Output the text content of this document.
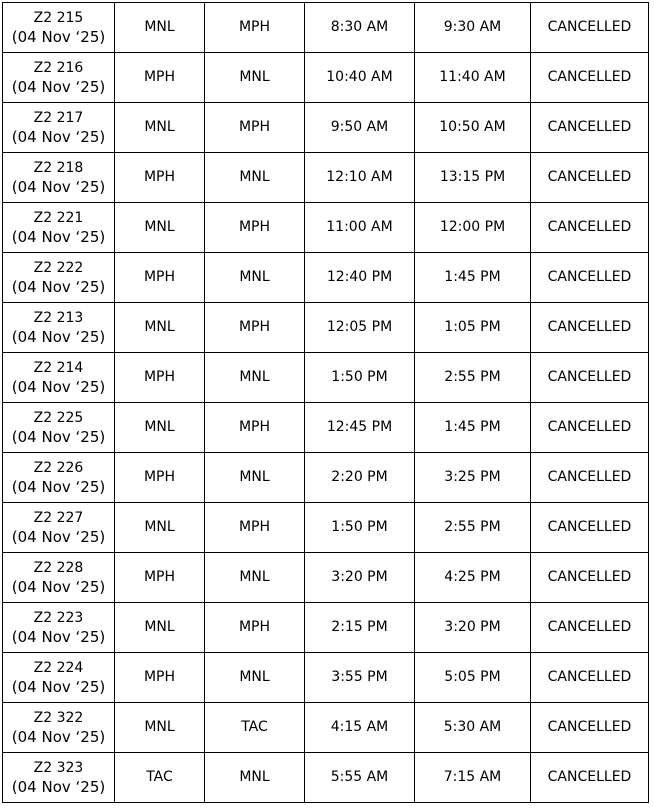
Z2 215
(04 Nov ‘25)	MNL	MPH	8:30 AM	9:30 AM	CANCELLED

Z2 216
(04 Nov ‘25)	MPH	MNL	10:40 AM	11:40 AM	CANCELLED

Z2 217
(04 Nov ‘25)	MNL	MPH	9:50 AM	10:50 AM	CANCELLED

Z2 218
(04 Nov ‘25)	MPH	MNL	12:10 AM	13:15 PM	CANCELLED

Z2 221
(04 Nov ‘25)	MNL	MPH	11:00 AM	12:00 PM	CANCELLED

Z2 222
(04 Nov ‘25)	MPH	MNL	12:40 PM	1:45 PM	CANCELLED

Z2 213
(04 Nov ‘25)	MNL	MPH	12:05 PM	1:05 PM	CANCELLED

Z2 214
(04 Nov ‘25)	MPH	MNL	1:50 PM	2:55 PM	CANCELLED

Z2 225
(04 Nov ‘25)	MNL	MPH	12:45 PM	1:45 PM	CANCELLED

Z2 226
(04 Nov ‘25)	MPH	MNL	2:20 PM	3:25 PM	CANCELLED

Z2 227
(04 Nov ‘25)	MNL	MPH	1:50 PM	2:55 PM	CANCELLED

Z2 228
(04 Nov ‘25)	MPH	MNL	3:20 PM	4:25 PM	CANCELLED

Z2 223
(04 Nov ‘25)	MNL	MPH	2:15 PM	3:20 PM	CANCELLED

Z2 224
(04 Nov ‘25)	MPH	MNL	3:55 PM	5:05 PM	CANCELLED

Z2 322
(04 Nov ‘25)	MNL	TAC	4:15 AM	5:30 AM	CANCELLED

Z2 323
(04 Nov ‘25)	TAC	MNL	5:55 AM	7:15 AM	CANCELLED
